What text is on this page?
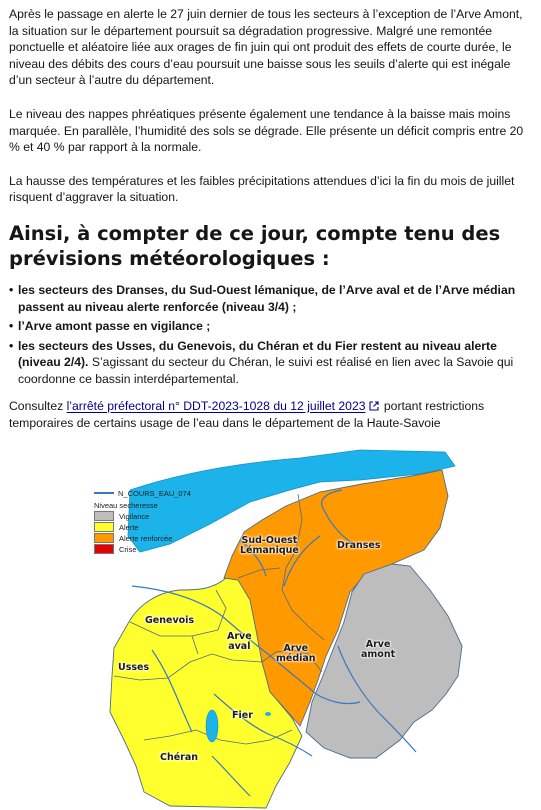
Après le passage en alerte le 27 juin dernier de tous les secteurs à l’exception de l’Arve Amont, la situation sur le département poursuit sa dégradation progressive. Malgré une remontée ponctuelle et aléatoire liée aux orages de fin juin qui ont produit des effets de courte durée, le niveau des débits des cours d’eau poursuit une baisse sous les seuils d’alerte qui est inégale d’un secteur à l’autre du département.

Le niveau des nappes phréatiques présente également une tendance à la baisse mais moins marquée. En parallèle, l’humidité des sols se dégrade. Elle présente un déficit compris entre 20 % et 40 % par rapport à la normale.

La hausse des températures et les faibles précipitations attendues d’ici la fin du mois de juillet risquent d’aggraver la situation.

Ainsi, à compter de ce jour, compte tenu des prévisions météorologiques :
• les secteurs des Dranses, du Sud-Ouest lémanique, de l’Arve aval et de l’Arve médian passent au niveau alerte renforcée (niveau 3/4) ;
• l’Arve amont passe en vigilance ;
• les secteurs des Usses, du Genevois, du Chéran et du Fier restent au niveau alerte (niveau 2/4). S’agissant du secteur du Chéran, le suivi est réalisé en lien avec la Savoie qui coordonne ce bassin interdépartemental.

Consultez l’arrêté préfectoral n° DDT-2023-1028 du 12 juillet 2023 portant restrictions temporaires de certains usage de l’eau dans le département de la Haute-Savoie

N_COURS_EAU_074
Niveau secheresse
Vigilance
Alerte
Alerte renforcée
Crise
Sud-Ouest
Lémanique	Dranses
Genevois
Arve
aval	Arve
médian
Arve
amont
Usses
Fier
Chéran
